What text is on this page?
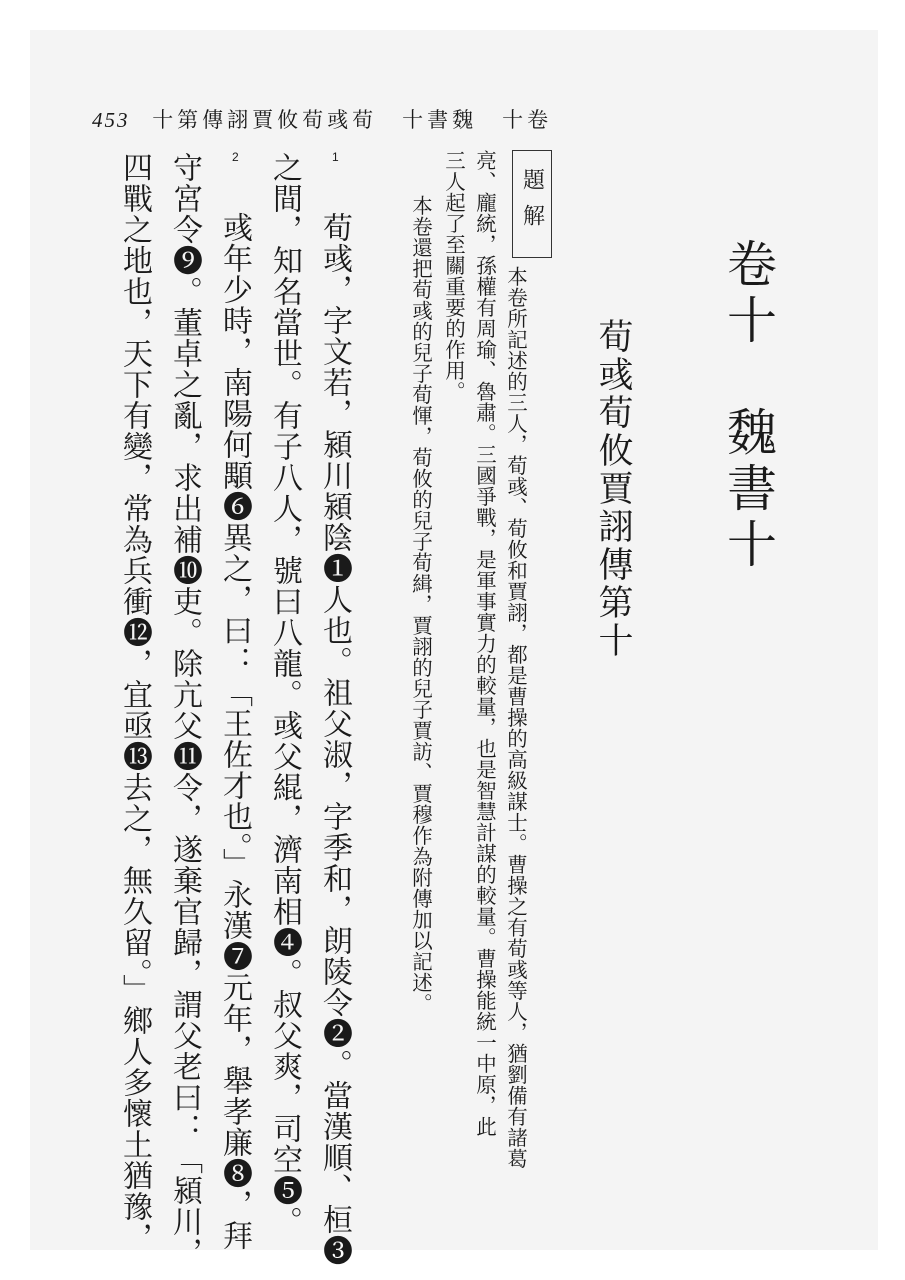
453 十第傳詡賈攸荀彧荀　十書魏　十卷
卷十　魏書十
荀彧荀攸賈詡傳第十
題解
本卷所記述的三人，荀彧、荀攸和賈詡，都是曹操的高級謀士。曹操之有荀彧等人，猶劉備有諸葛
亮、龐統，孫權有周瑜、魯肅。三國爭戰，是軍事實力的較量，也是智慧計謀的較量。曹操能統一中原，此
三人起了至關重要的作用。
本卷還把荀彧的兒子荀惲，荀攸的兒子荀緝，賈詡的兒子賈訪、賈穆作為附傳加以記述。
1
2
荀彧，字文若，潁川潁陰❶人也。祖父淑，字季和，朗陵令❷。當漢順、桓❸
之間，知名當世。有子八人，號曰八龍。彧父緄，濟南相❹。叔父爽，司空❺。
彧年少時，南陽何顒❻異之，曰：「王佐才也。」永漢❼元年，舉孝廉❽，拜
守宮令❾。董卓之亂，求出補❿吏。除亢父⓫令，遂棄官歸，謂父老曰：「潁川，
四戰之地也，天下有變，常為兵衝⓬，宜亟⓭去之，無久留。」鄉人多懷土猶豫，
